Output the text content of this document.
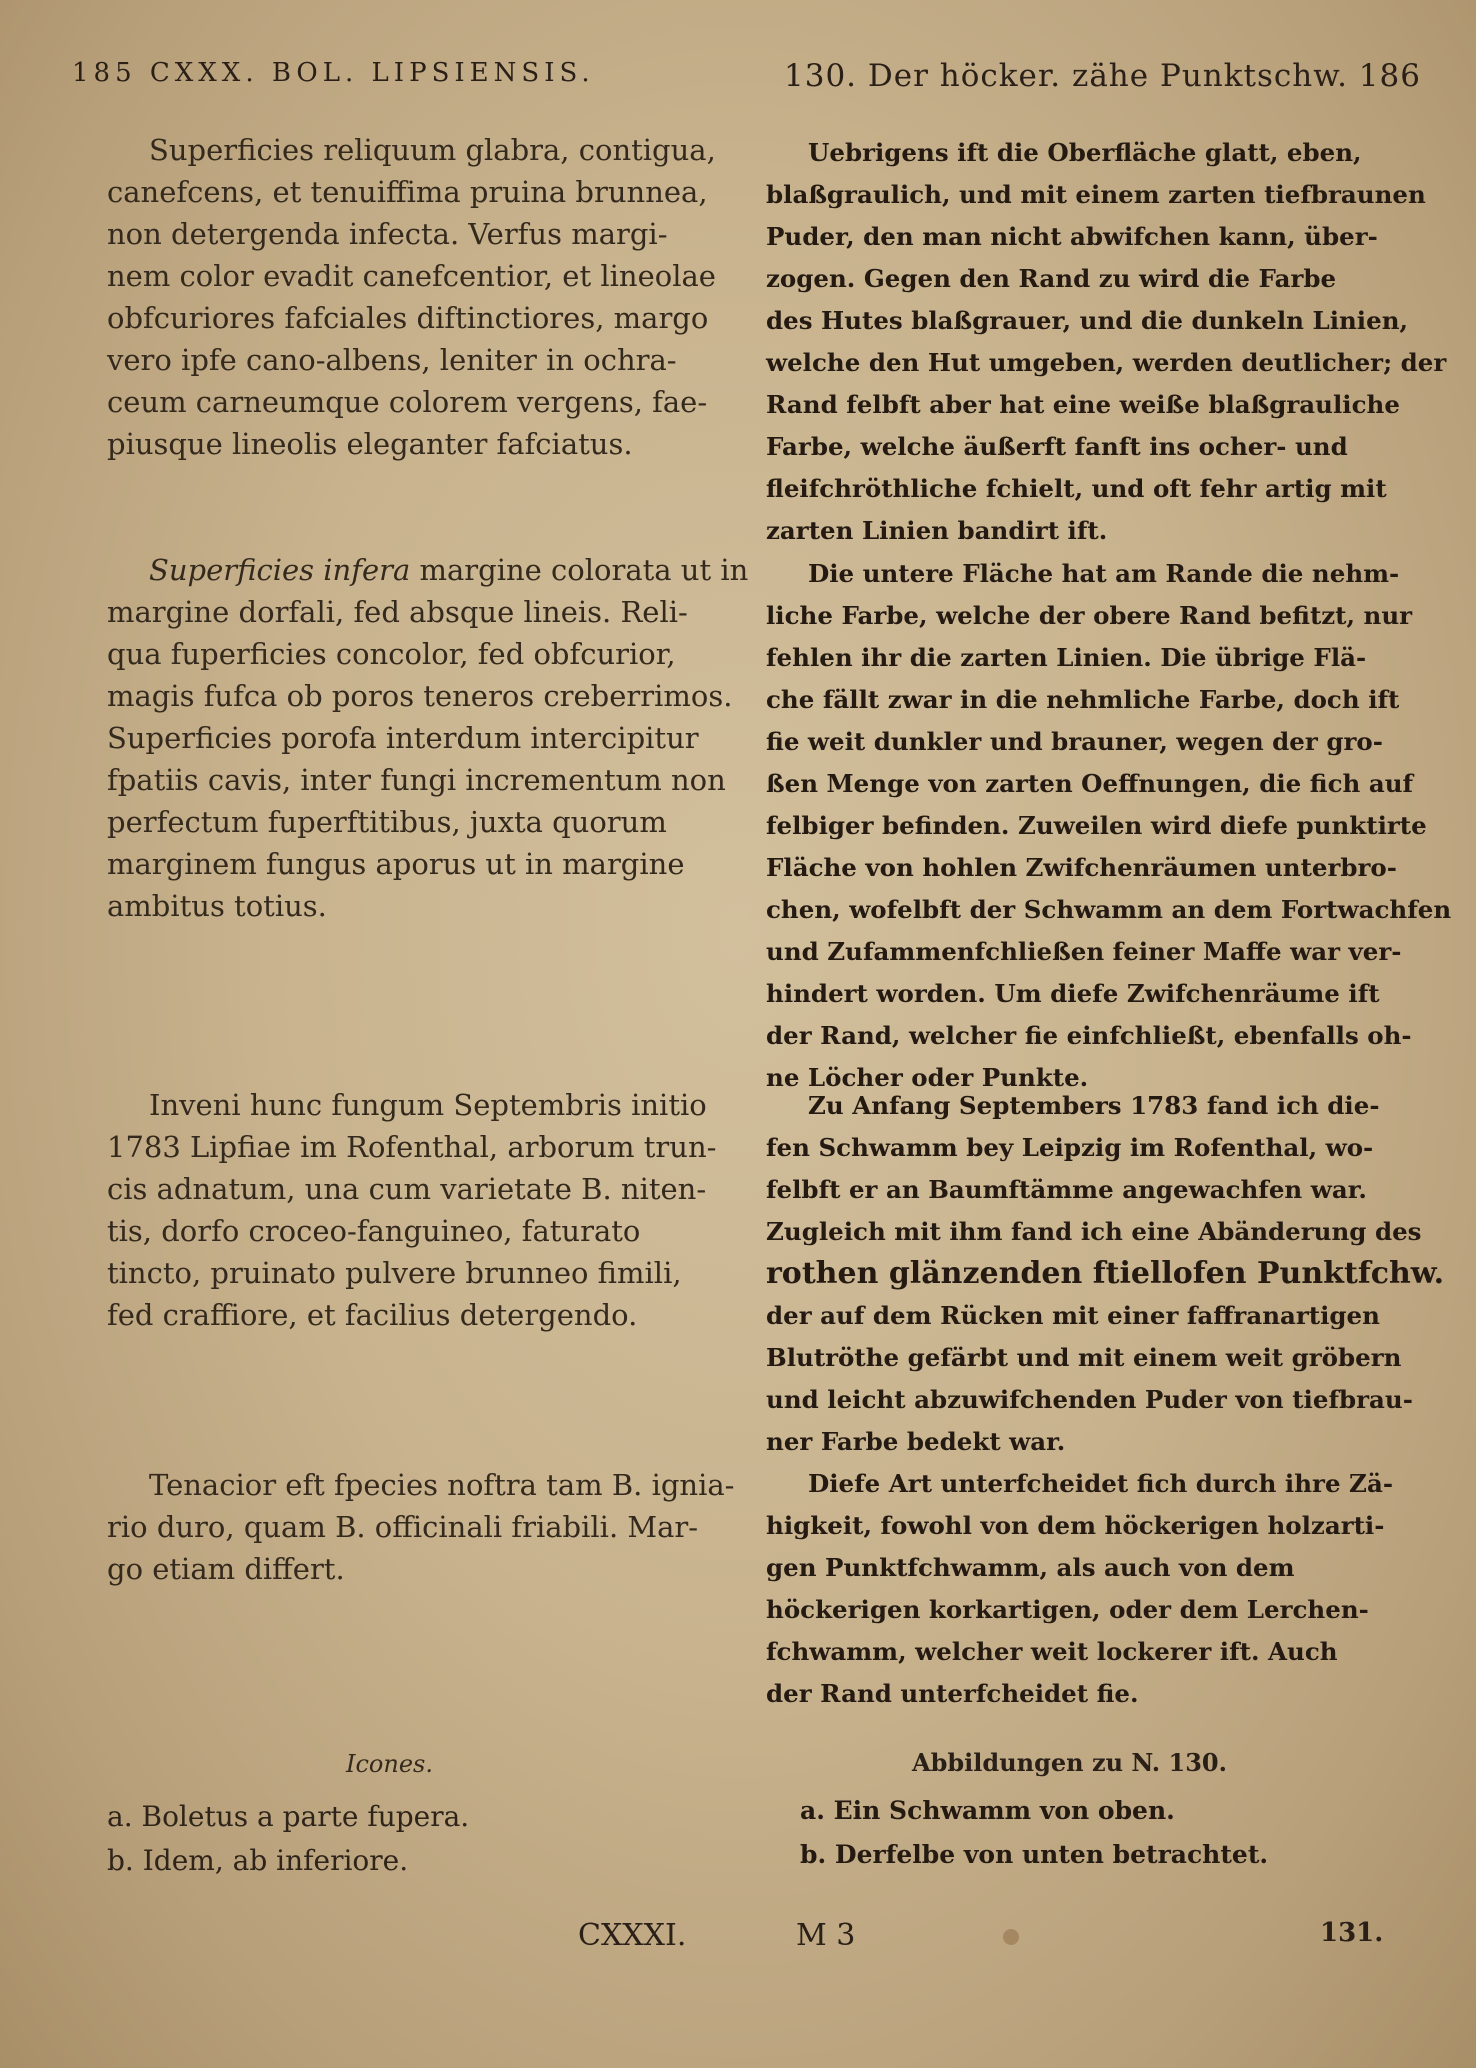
185 CXXX. BOL. LIPSIENSIS.	130. Der höcker. zähe Punktschw. 186
Superficies reliquum glabra, contigua,
canefcens, et tenuiffima pruina brunnea,
non detergenda infecta. Verfus margi-
nem color evadit canefcentior, et lineolae
obfcuriores fafciales diftinctiores, margo
vero ipfe cano-albens, leniter in ochra-
ceum carneumque colorem vergens, fae-
piusque lineolis eleganter fafciatus.
Superficies infera margine colorata ut in
margine dorfali, fed absque lineis. Reli-
qua fuperficies concolor, fed obfcurior,
magis fufca ob poros teneros creberrimos.
Superficies porofa interdum intercipitur
fpatiis cavis, inter fungi incrementum non
perfectum fuperftitibus, juxta quorum
marginem fungus aporus ut in margine
ambitus totius.
Inveni hunc fungum Septembris initio
1783 Lipfiae im Rofenthal, arborum trun-
cis adnatum, una cum varietate B. niten-
tis, dorfo croceo-fanguineo, faturato
tincto, pruinato pulvere brunneo fimili,
fed craffiore, et facilius detergendo.
Tenacior eft fpecies noftra tam B. ignia-
rio duro, quam B. officinali friabili. Mar-
go etiam differt.
Icones.
a. Boletus a parte fupera.
b. Idem, ab inferiore.
Uebrigens ift die Oberfläche glatt, eben,
blaßgraulich, und mit einem zarten tiefbraunen
Puder, den man nicht abwifchen kann, über-
zogen. Gegen den Rand zu wird die Farbe
des Hutes blaßgrauer, und die dunkeln Linien,
welche den Hut umgeben, werden deutlicher; der
Rand felbft aber hat eine weiße blaßgrauliche
Farbe, welche äußerft fanft ins ocher- und
fleifchröthliche fchielt, und oft fehr artig mit
zarten Linien bandirt ift.
Die untere Fläche hat am Rande die nehm-
liche Farbe, welche der obere Rand befitzt, nur
fehlen ihr die zarten Linien. Die übrige Flä-
che fällt zwar in die nehmliche Farbe, doch ift
fie weit dunkler und brauner, wegen der gro-
ßen Menge von zarten Oeffnungen, die fich auf
felbiger befinden. Zuweilen wird diefe punktirte
Fläche von hohlen Zwifchenräumen unterbro-
chen, wofelbft der Schwamm an dem Fortwachfen
und Zufammenfchließen feiner Maffe war ver-
hindert worden. Um diefe Zwifchenräume ift
der Rand, welcher fie einfchließt, ebenfalls oh-
ne Löcher oder Punkte.
Zu Anfang Septembers 1783 fand ich die-
fen Schwamm bey Leipzig im Rofenthal, wo-
felbft er an Baumftämme angewachfen war.
Zugleich mit ihm fand ich eine Abänderung des
rothen glänzenden ftiellofen Punktfchw.
der auf dem Rücken mit einer faffranartigen
Blutröthe gefärbt und mit einem weit gröbern
und leicht abzuwifchenden Puder von tiefbrau-
ner Farbe bedekt war.
Diefe Art unterfcheidet fich durch ihre Zä-
higkeit, fowohl von dem höckerigen holzarti-
gen Punktfchwamm, als auch von dem
höckerigen korkartigen, oder dem Lerchen-
fchwamm, welcher weit lockerer ift. Auch
der Rand unterfcheidet fie.
Abbildungen zu N. 130.
a. Ein Schwamm von oben.
b. Derfelbe von unten betrachtet.
CXXXI.	M 3	131.
